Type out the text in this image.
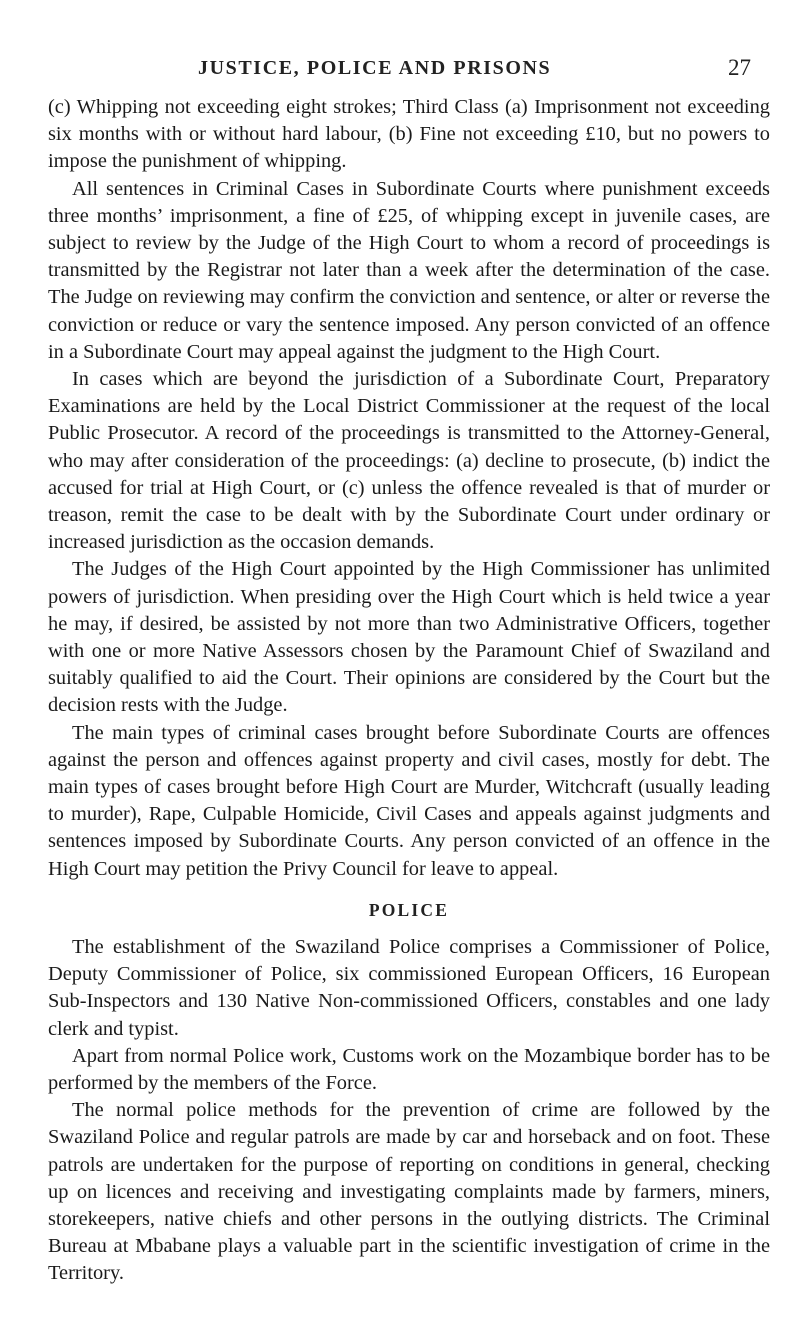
JUSTICE, POLICE AND PRISONS	27

(c) Whipping not exceeding eight strokes; Third Class (a) Imprisonment not exceeding six months with or without hard labour, (b) Fine not exceeding £10, but no powers to impose the punishment of whipping.

All sentences in Criminal Cases in Subordinate Courts where punishment exceeds three months’ imprisonment, a fine of £25, of whipping except in juvenile cases, are subject to review by the Judge of the High Court to whom a record of proceedings is transmitted by the Registrar not later than a week after the determination of the case. The Judge on reviewing may confirm the conviction and sentence, or alter or reverse the conviction or reduce or vary the sentence imposed. Any person convicted of an offence in a Subordinate Court may appeal against the judgment to the High Court.

In cases which are beyond the jurisdiction of a Subordinate Court, Preparatory Examinations are held by the Local District Commissioner at the request of the local Public Prosecutor. A record of the proceedings is transmitted to the Attorney-General, who may after consideration of the proceedings: (a) decline to prosecute, (b) indict the accused for trial at High Court, or (c) unless the offence revealed is that of murder or treason, remit the case to be dealt with by the Subordinate Court under ordinary or increased jurisdiction as the occasion demands.

The Judges of the High Court appointed by the High Commissioner has unlimited powers of jurisdiction. When presiding over the High Court which is held twice a year he may, if desired, be assisted by not more than two Administrative Officers, together with one or more Native Assessors chosen by the Paramount Chief of Swaziland and suitably qualified to aid the Court. Their opinions are considered by the Court but the decision rests with the Judge.

The main types of criminal cases brought before Subordinate Courts are offences against the person and offences against property and civil cases, mostly for debt. The main types of cases brought before High Court are Murder, Witchcraft (usually leading to murder), Rape, Culpable Homicide, Civil Cases and appeals against judgments and sentences imposed by Subordinate Courts. Any person convicted of an offence in the High Court may petition the Privy Council for leave to appeal.

POLICE

The establishment of the Swaziland Police comprises a Commissioner of Police, Deputy Commissioner of Police, six commissioned European Officers, 16 European Sub-Inspectors and 130 Native Non-commissioned Officers, constables and one lady clerk and typist.

Apart from normal Police work, Customs work on the Mozambique border has to be performed by the members of the Force.

The normal police methods for the prevention of crime are followed by the Swaziland Police and regular patrols are made by car and horseback and on foot. These patrols are undertaken for the purpose of reporting on conditions in general, checking up on licences and receiving and investigating complaints made by farmers, miners, storekeepers, native chiefs and other persons in the outlying districts. The Criminal Bureau at Mbabane plays a valuable part in the scientific investigation of crime in the Territory.
